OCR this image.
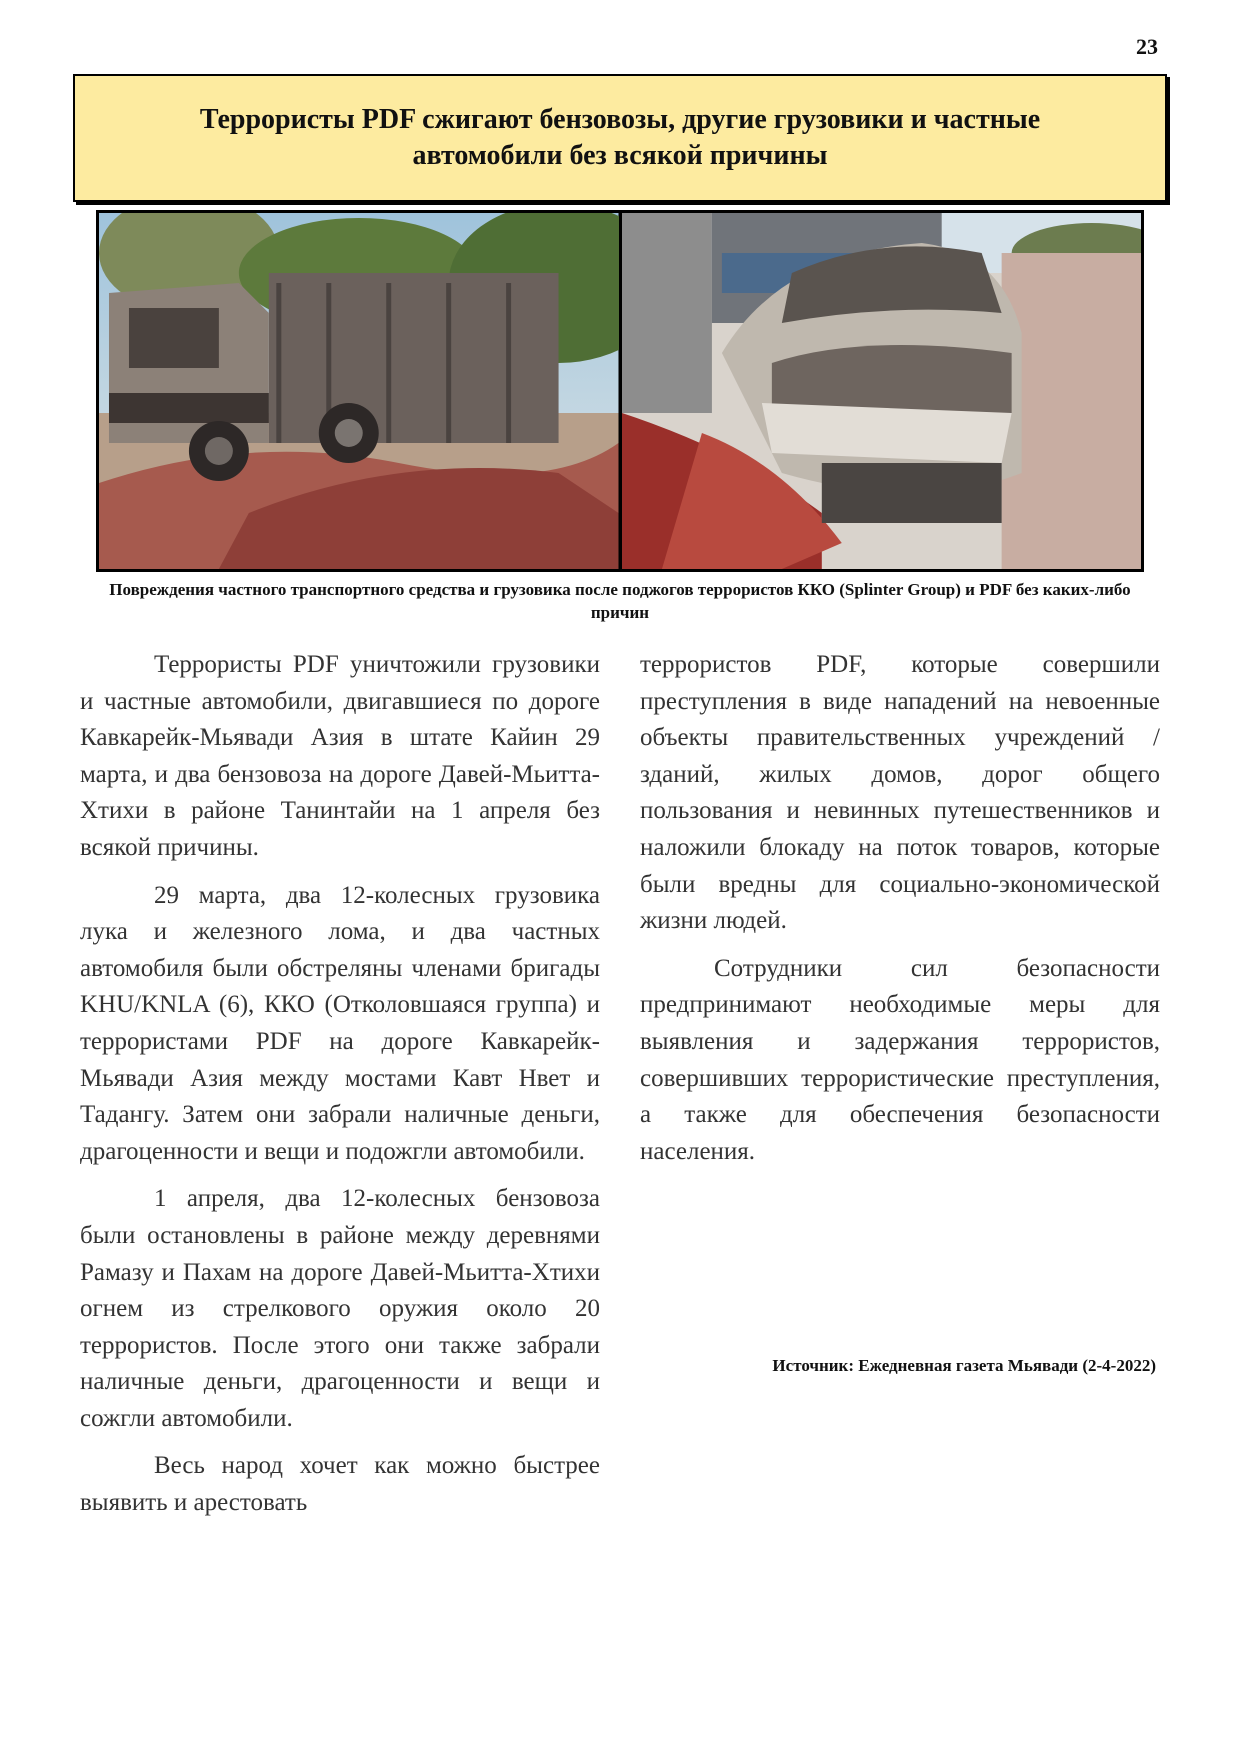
23
Террористы PDF сжигают бензовозы, другие грузовики и частные автомобили без всякой причины
Повреждения частного транспортного средства и грузовика после поджогов террористов ККО (Splinter Group) и PDF без каких-либо причин

Террористы PDF уничтожили грузовики и частные автомобили, двигавшиеся по дороге Кавкарейк-Мьявади Азия в штате Кайин 29 марта, и два бензовоза на дороге Давей-Мьитта-Хтихи в районе Танинтайи на 1 апреля без всякой причины.

29 марта, два 12-колесных грузовика лука и железного лома, и два частных автомобиля были обстреляны членами бригады KHU/KNLA (6), ККО (Отколовшаяся группа) и террористами PDF на дороге Кавкарейк-Мьявади Азия между мостами Кавт Нвет и Тадангу. Затем они забрали наличные деньги, драгоценности и вещи и подожгли автомобили.

1 апреля, два 12-колесных бензовоза были остановлены в районе между деревнями Рамазу и Пахам на дороге Давей-Мьитта-Хтихи огнем из стрелкового оружия около 20 террористов. После этого они также забрали наличные деньги, драгоценности и вещи и сожгли автомобили.

Весь народ хочет как можно быстрее выявить и арестовать

террористов PDF, которые совершили преступления в виде нападений на невоенные объекты правительственных учреждений / зданий, жилых домов, дорог общего пользования и невинных путешественников и наложили блокаду на поток товаров, которые были вредны для социально-экономической жизни людей.

Сотрудники сил безопасности предпринимают необходимые меры для выявления и задержания террористов, совершивших террористические преступления, а также для обеспечения безопасности населения.

Источник: Ежедневная газета Мьявади (2-4-2022)
